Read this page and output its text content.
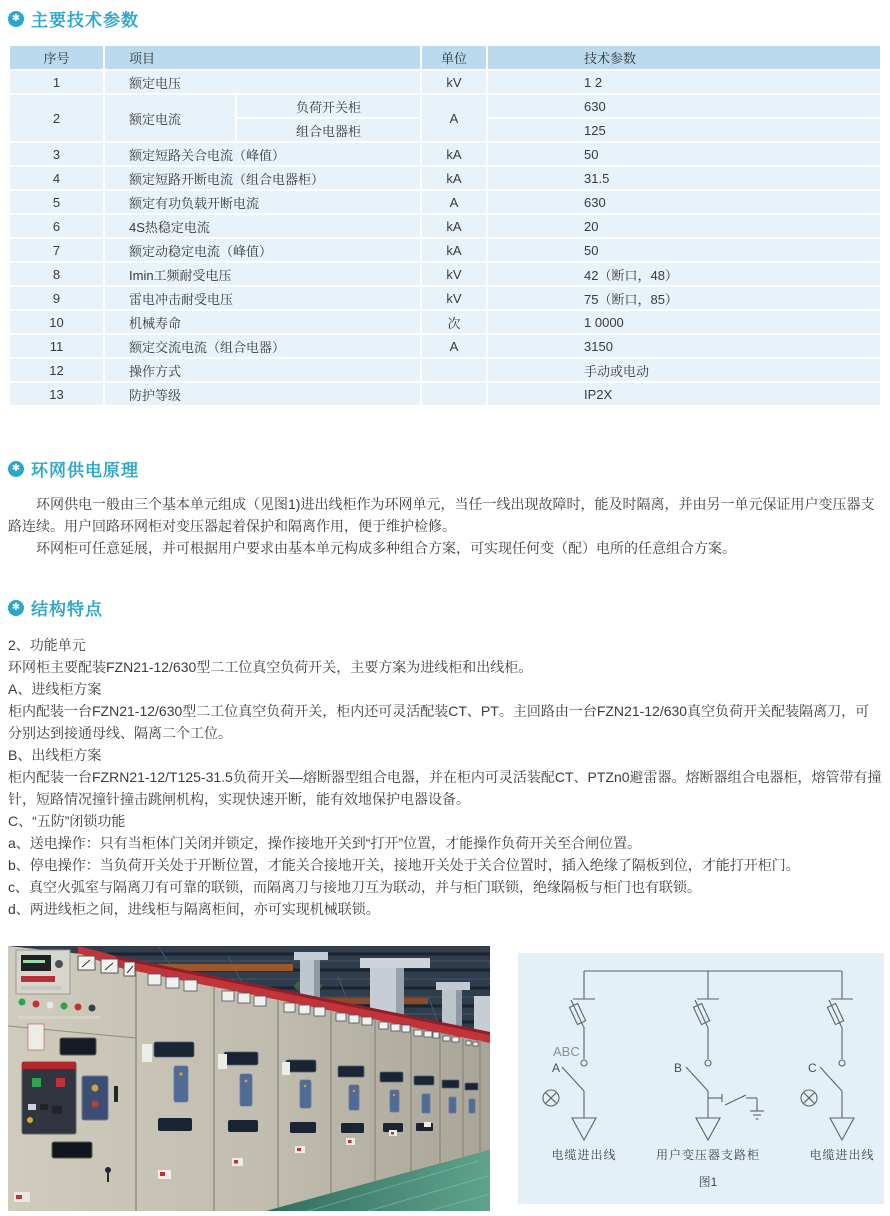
✱ 主要技术参数
序号	项目		单位	技术参数
1	额定电压		kV	1 2
2	额定电流	负荷开关柜	A	630
		组合电器柜		125
3	额定短路关合电流（峰值）		kA	50
4	额定短路开断电流（组合电器柜）		kA	31.5
5	额定有功负载开断电流		A	630
6	4S热稳定电流		kA	20
7	额定动稳定电流（峰值）		kA	50
8	Imin工频耐受电压		kV	42（断口，48）
9	雷电冲击耐受电压		kV	75（断口，85）
10	机械寿命		次	1 0000
11	额定交流电流（组合电器）		A	3150
12	操作方式			手动或电动
13	防护等级			IP2X
✱ 环网供电原理

环网供电一般由三个基本单元组成（见图1)进出线柜作为环网单元，当任一线出现故障时，能及时隔离，并由另一单元保证用户变压器支路连续。用户回路环网柜对变压器起着保护和隔离作用，便于维护检修。

环网柜可任意延展，并可根据用户要求由基本单元构成多种组合方案，可实现任何变（配）电所的任意组合方案。

✱ 结构特点
2、功能单元
环网柜主要配装FZN21-12/630型二工位真空负荷开关，主要方案为进线柜和出线柜。
A、进线柜方案
柜内配装一台FZN21-12/630型二工位真空负荷开关，柜内还可灵活配装CT、PT。主回路由一台FZN21-12/630真空负荷开关配装隔离刀，可分别达到接通母线、隔离二个工位。
B、出线柜方案
柜内配装一台FZRN21-12/T125-31.5负荷开关—熔断器型组合电器，并在柜内可灵活装配CT、PTZn0避雷器。熔断器组合电器柜，熔管带有撞针，短路情况撞针撞击跳闸机构，实现快速开断，能有效地保护电器设备。
C、“五防”闭锁功能
a、送电操作：只有当柜体门关闭并锁定，操作接地开关到“打开”位置，才能操作负荷开关至合闸位置。
b、停电操作：当负荷开关处于开断位置，才能关合接地开关，接地开关处于关合位置时，插入绝缘了隔板到位，才能打开柜门。
c、真空火弧室与隔离刀有可靠的联锁，而隔离刀与接地刀互为联动，并与柜门联锁，绝缘隔板与柜门也有联锁。
d、两进线柜之间，进线柜与隔离柜间，亦可实现机械联锁。
ABC
A	B	C
电缆进出线	用户变压器支路柜	电缆进出线
图1
